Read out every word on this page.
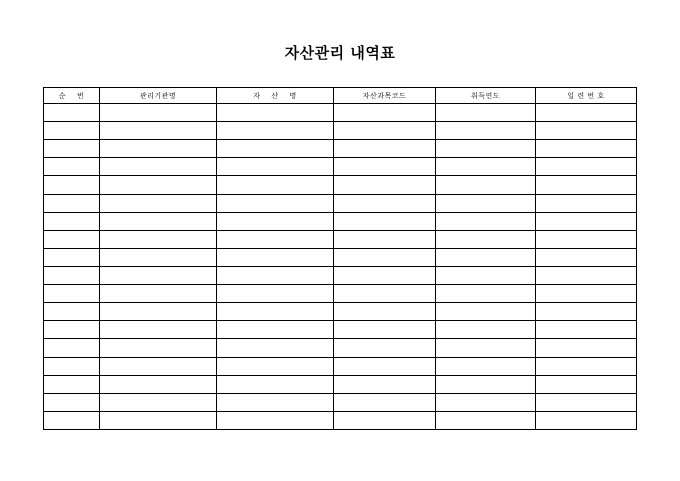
자산관리 내역표
순    번	관리기관명	자    산    명	자산과목코드	취득연도	일 련 번 호
